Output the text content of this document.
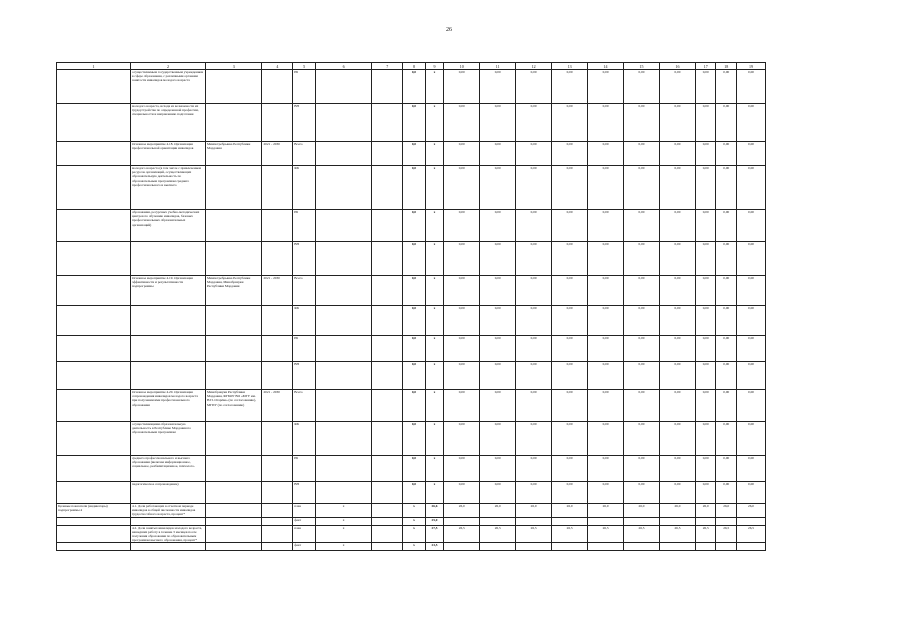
26
1	2	3	4	5	6	7	8	9	10	11	12	13	14	15	16	17	18	19
	осуществляемым государственным учреждением в сфере образования, с различными органами занятости инвалидов молодого возраста			РБ			0,0	х	0,00	0,00	0,00	0,00	0,00	0,00	0,00	0,00	0,00	0,00
	молодого возраста, исходя из возможности их трудоустройства по определенной профессии, специальности и направлению подготовки			ВН			0,0	х	0,00	0,00	0,00	0,00	0,00	0,00	0,00	0,00	0,00	0,00
	Основное мероприятие 4.18. Организация профессиональной ориентации инвалидов	Минпотребрынка Республики Мордовия	2021 - 2030	Всего			0,0	х	0,00	0,00	0,00	0,00	0,00	0,00	0,00	0,00	0,00	0,00
	молодого возраста (в том числе с привлечением ресурсов организаций, осуществляющих образовательную деятельность по образовательным программам среднего профессионального и высшего			ФБ			0,0	х	0,00	0,00	0,00	0,00	0,00	0,00	0,00	0,00	0,00	0,00
	образования, ресурсных учебно-методических центров по обучению инвалидов, базовых профессиональных образовательных организаций)			РБ			0,0	х	0,00	0,00	0,00	0,00	0,00	0,00	0,00	0,00	0,00	0,00
				ВН			0,0	х	0,00	0,00	0,00	0,00	0,00	0,00	0,00	0,00	0,00	0,00
	Основное мероприятие 4.19. Организация эффективности и результативности подпрограммы	Минпотребрынка Республики Мордовия, Минобрнауки Республики Мордовия	2021 - 2030	Всего			0,0	х	0,00	0,00	0,00	0,00	0,00	0,00	0,00	0,00	0,00	0,00
				ФБ			0,0	х	0,00	0,00	0,00	0,00	0,00	0,00	0,00	0,00	0,00	0,00
				РБ			0,0	х	0,00	0,00	0,00	0,00	0,00	0,00	0,00	0,00	0,00	0,00
				ВН			0,0	х	0,00	0,00	0,00	0,00	0,00	0,00	0,00	0,00	0,00	0,00
	Основное мероприятие 4.20. Организация сопровождения инвалидов молодого возраста при получении ими профессионального образования	Минобрнауки Республики Мордовия, ФГБОУ ВО «МГУ им. Н.П. Огарёва» (по согласованию), МГПУ (по согласованию)	2021 - 2030	Всего			0,0	х	0,00	0,00	0,00	0,00	0,00	0,00	0,00	0,00	0,00	0,00
	осуществляющими образовательную деятельность в Республике Мордовия по образовательным программам			ФБ			0,0	х	0,00	0,00	0,00	0,00	0,00	0,00	0,00	0,00	0,00	0,00
	среднего профессионального и высшего образования (включая информационное, социальное, реабилитационное, психолого-			РБ			0,0	х	0,00	0,00	0,00	0,00	0,00	0,00	0,00	0,00	0,00	0,00
	педагогическое сопровождение)			ВН			0,0	х	0,00	0,00	0,00	0,00	0,00	0,00	0,00	0,00	0,00	0,00
Целевые показатели (индикаторы) подпрограммы 4	4.1. Доля работающих в отчетном периоде инвалидов в общей численности инвалидов трудоспособного возраста, процент*			план	х		х	26,6	26,0	26,0	26,0	26,0	26,0	26,0	26,0	26,0	26,0	26,0
				факт	х		х	25,0										
	4.2. Доля занятых инвалидов молодого возраста, нашедших работу в течение 3 месяцев после получения образования по образовательным программам высшего образования, процент*			план	х		х	27,5	26,5	26,5	26,5	26,5	26,5	26,5	26,5	26,5	26,5	26,5
				факт	х		х	23,5										
